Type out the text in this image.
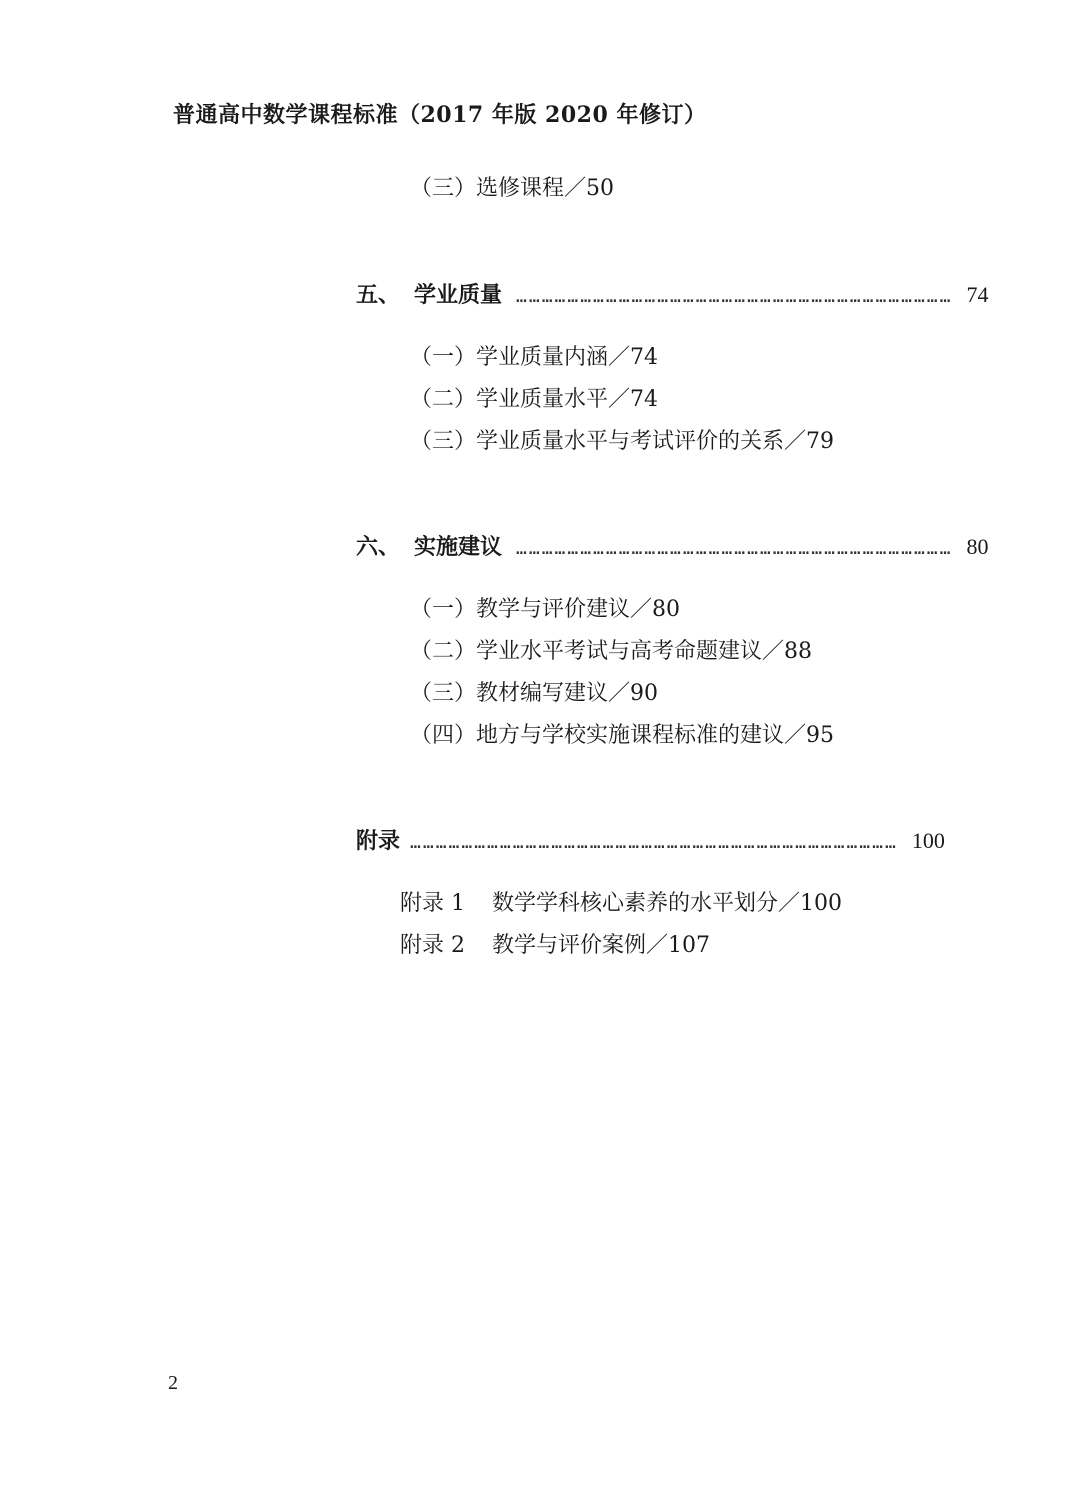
普通高中数学课程标准（2017 年版 2020 年修订）
（三）选修课程／50
五、 学业质量 ………………………………………………………………………………………… 74
（一）学业质量内涵／74
（二）学业质量水平／74
（三）学业质量水平与考试评价的关系／79
六、 实施建议 ………………………………………………………………………………………… 80
（一）教学与评价建议／80
（二）学业水平考试与高考命题建议／88
（三）教材编写建议／90
（四）地方与学校实施课程标准的建议／95
附录 …………………………………………………………………………………………………… 100
附录 1 数学学科核心素养的水平划分／100
附录 2 教学与评价案例／107
2
